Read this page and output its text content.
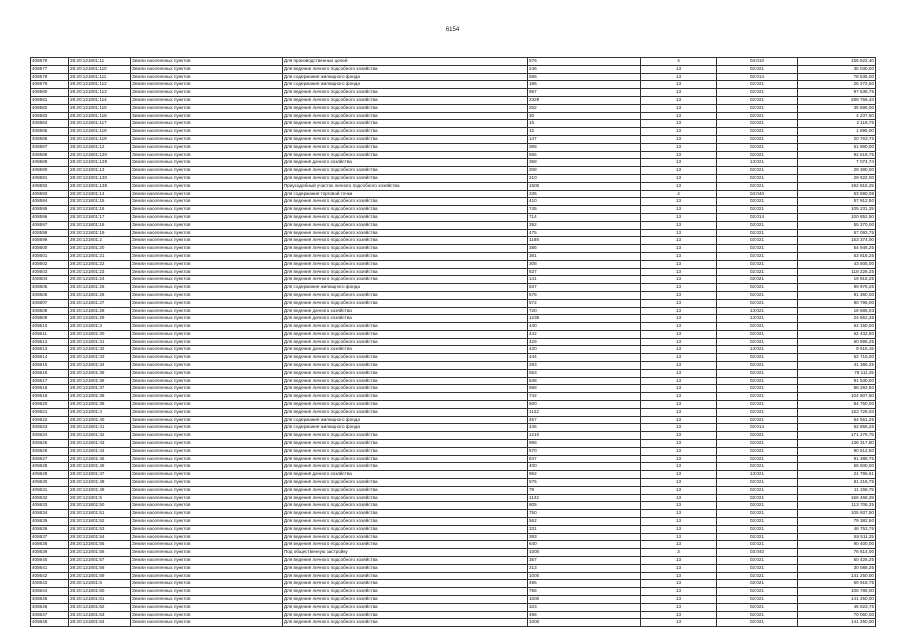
6154
408576	29:20:121801:11	Земли населенных пунктов	Для производственных целей	576	4	04:010	156 522,40
408577	29:20:121801:110	Земли населенных пунктов	Для ведения личного подсобного хозяйства	246	13	02:021	35 030,00
408578	29:20:121801:111	Земли населенных пунктов	Для содержания жилищного фонда	586	13	02:014	78 535,00
408579	29:20:121801:112	Земли населенных пунктов	Для содержания жилищного фонда	186	13	02:021	26 272,50
408580	29:20:121801:113	Земли населенных пунктов	Для ведения личного подсобного хозяйства	687	13	02:021	97 538,75
408581	29:20:121801:114	Земли населенных пунктов	Для ведения личного подсобного хозяйства	2329	13	02:021	289 756,43
408582	29:20:121801:115	Земли населенных пунктов	Для ведения личного подсобного хозяйства	252	13	02:021	35 586,00
408583	29:20:121801:116	Земли населенных пунктов	Для ведения личного подсобного хозяйства	30	13	02:021	4 237,50
408584	29:20:121801:117	Земли населенных пунктов	Для ведения личного подсобного хозяйства	15	13	02:021	2 118,75
408585	29:20:121801:118	Земли населенных пунктов	Для ведения личного подсобного хозяйства	12	13	02:021	1 695,00
408586	29:20:121801:119	Земли населенных пунктов	Для ведения личного подсобного хозяйства	147	13	02:021	20 763,75
408587	29:20:121801:12	Земли населенных пунктов	Для ведения личного подсобного хозяйства	368	13	02:021	51 980,00
408588	29:20:121801:120	Земли населенных пунктов	Для ведения личного подсобного хозяйства	655	13	02:021	92 518,75
408589	29:20:121801:129	Земли населенных пунктов	Для ведения дачного хозяйства	368	13	13:021	7 074,74
408590	29:20:121801:13	Земли населенных пунктов	Для ведения личного подсобного хозяйства	208	13	02:021	29 380,00
408591	29:20:121801:130	Земли населенных пунктов	Для ведения личного подсобного хозяйства	210	13	02:021	29 622,00
408592	29:20:121801:138	Земли населенных пунктов	Приусадебный участок личного подсобного хозяйства	1500	13	02:021	192 815,25
408593	29:20:121801:14	Земли населенных пунктов	Для содержания торговой точки	235	4	04:040	63 590,08
408594	29:20:121801:15	Земли населенных пунктов	Для ведения личного подсобного хозяйства	410	13	02:021	57 912,50
408595	29:20:121801:16	Земли населенных пунктов	Для ведения личного подсобного хозяйства	745	13	02:021	105 231,25
408596	29:20:121801:17	Земли населенных пунктов	Для ведения личного подсобного хозяйства	714	13	02:014	100 852,50
408597	29:20:121801:18	Земли населенных пунктов	Для ведения личного подсобного хозяйства	392	13	02:021	55 370,00
408598	29:20:121801:19	Земли населенных пунктов	Для ведения личного подсобного хозяйства	475	13	02:021	67 093,75
408599	29:20:121801:2	Земли населенных пунктов	Для ведения личного подсобного хозяйства	1168	13	02:021	153 374,00
408600	29:20:121801:20	Земли населенных пунктов	Для ведения личного подсобного хозяйства	386	13	02:021	54 946,25
408601	29:20:121801:21	Земли населенных пунктов	Для ведения личного подсобного хозяйства	381	13	02:021	53 816,25
408602	29:20:121801:22	Земли населенных пунктов	Для ведения личного подсобного хозяйства	308	13	02:021	43 505,00
408603	29:20:121801:23	Земли населенных пунктов	Для ведения личного подсобного хозяйства	837	13	02:021	118 226,25
408604	29:20:121801:24	Земли населенных пунктов	Для ведения личного подсобного хозяйства	141	13	02:021	19 916,25
408605	29:20:121801:25	Земли населенных пунктов	Для содержания жилищного фонда	637	13	02:021	89 976,25
408606	29:20:121801:26	Земли населенных пунктов	Для ведения личного подсобного хозяйства	576	13	02:021	81 360,00
408607	29:20:121801:27	Земли населенных пунктов	Для ведения личного подсобного хозяйства	572	13	02:021	80 795,00
408608	29:20:121801:28	Земли населенных пунктов	Для ведения дачного хозяйства	720	13	13:021	16 685,03
408609	29:20:121801:29	Земли населенных пунктов	Для ведения дачного хозяйства	1235	13	13:021	24 862,26
408610	29:20:121801:3	Земли населенных пунктов	Для ведения личного подсобного хозяйства	440	13	02:021	62 150,00
408611	29:20:121801:30	Земли населенных пунктов	Для ведения личного подсобного хозяйства	442	13	02:021	62 432,50
408612	29:20:121801:31	Земли населенных пунктов	Для ведения личного подсобного хозяйства	429	13	02:021	60 596,25
408613	29:20:121801:32	Земли населенных пунктов	Для ведения дачного хозяйства	420	13	13:021	9 616,15
408614	29:20:121801:33	Земли населенных пунктов	Для ведения личного подсобного хозяйства	444	13	02:021	62 715,00
408615	29:20:121801:34	Земли населенных пунктов	Для ведения личного подсобного хозяйства	293	13	02:021	41 386,25
408616	29:20:121801:35	Земли населенных пунктов	Для ведения личного подсобного хозяйства	553	13	02:021	78 111,25
408617	29:20:121801:36	Земли населенных пунктов	Для ведения личного подсобного хозяйства	648	13	02:021	91 530,00
408618	29:20:121801:37	Земли населенных пунктов	Для ведения личного подсобного хозяйства	668	13	02:021	88 292,50
408619	29:20:121801:38	Земли населенных пунктов	Для ведения личного подсобного хозяйства	742	13	02:021	104 807,50
408620	29:20:121801:39	Земли населенных пунктов	Для ведения личного подсобного хозяйства	600	13	02:021	84 750,00
408621	29:20:121801:4	Земли населенных пунктов	Для ведения личного подсобного хозяйства	1122	13	02:021	153 728,03
408622	29:20:121801:40	Земли населенных пунктов	Для содержания жилищного фонда	457	13	02:021	64 551,25
408623	29:20:121801:41	Земли населенных пунктов	Для содержания жилищного фонда	445	13	02:014	62 856,25
408624	29:20:121801:42	Земли населенных пунктов	Для ведения личного подсобного хозяйства	1210	13	02:021	171 279,75
408625	29:20:121801:43	Земли населенных пунктов	Для ведения личного подсобного хозяйства	968	13	02:021	136 317,80
408626	29:20:121801:44	Земли населенных пунктов	Для ведения личного подсобного хозяйства	570	13	02:021	80 512,50
408627	29:20:121801:45	Земли населенных пунктов	Для ведения личного подсобного хозяйства	647	13	02:021	91 388,75
408628	29:20:121801:46	Земли населенных пунктов	Для ведения личного подсобного хозяйства	400	13	02:021	56 500,00
408629	29:20:121801:47	Земли населенных пунктов	Для ведения дачного хозяйства	962	13	13:021	21 796,61
408630	29:20:121801:48	Земли населенных пунктов	Для ведения личного подсобного хозяйства	575	13	02:021	81 218,75
408631	29:20:121801:49	Земли населенных пунктов	Для ведения личного подсобного хозяйства	79	13	02:021	11 158,75
408632	29:20:121801:5	Земли населенных пунктов	Для ведения личного подсобного хозяйства	1142	13	02:021	156 466,28
408633	29:20:121801:50	Земли населенных пунктов	Для ведения личного подсобного хозяйства	805	13	02:021	113 706,25
408634	29:20:121801:51	Земли населенных пунктов	Для ведения личного подсобного хозяйства	750	13	02:021	105 937,50
408635	29:20:121801:52	Земли населенных пунктов	Для ведения личного подсобного хозяйства	562	13	02:021	79 382,50
408636	29:20:121801:53	Земли населенных пунктов	Для ведения личного подсобного хозяйства	331	13	02:021	46 753,75
408637	29:20:121801:54	Земли населенных пунктов	Для ведения личного подсобного хозяйства	393	13	02:021	55 511,25
408638	29:20:121801:55	Земли населенных пунктов	Для ведения личного подсобного хозяйства	640	13	02:021	90 400,00
408639	29:20:121801:56	Земли населенных пунктов	Под общественную застройку	1000	3	03:040	76 614,00
408640	29:20:121801:57	Земли населенных пунктов	Для ведения личного подсобного хозяйства	357	13	02:021	50 426,25
408641	29:20:121801:58	Земли населенных пунктов	Для ведения личного подсобного хозяйства	213	13	02:021	30 086,25
408642	29:20:121801:59	Земли населенных пунктов	Для ведения личного подсобного хозяйства	1000	13	02:021	141 250,00
408643	29:20:121801:6	Земли населенных пунктов	Для ведения личного подсобного хозяйства	495	13	02:021	69 918,75
408644	29:20:121801:60	Земли населенных пунктов	Для ведения личного подсобного хозяйства	756	13	02:021	106 785,00
408645	29:20:121801:61	Земли населенных пунктов	Для ведения личного подсобного хозяйства	1000	13	02:021	141 250,00
408646	29:20:121801:62	Земли населенных пунктов	Для ведения личного подсобного хозяйства	323	13	02:021	45 623,75
408647	29:20:121801:63	Земли населенных пунктов	Для ведения личного подсобного хозяйства	496	13	02:021	70 060,00
408648	29:20:121801:64	Земли населенных пунктов	Для ведения личного подсобного хозяйства	1000	13	02:021	141 250,00
